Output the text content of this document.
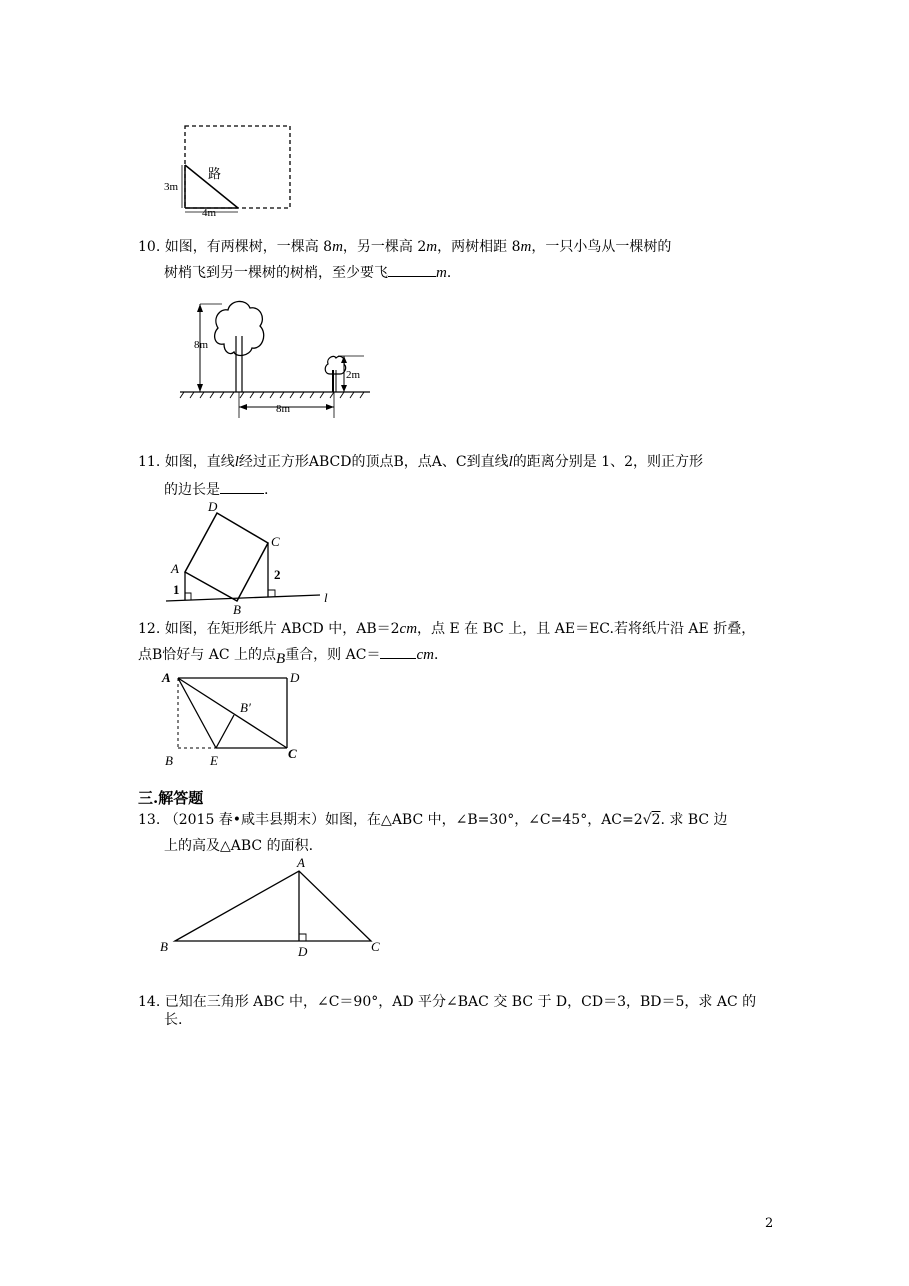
路
3m
4m
10. 如图，有两棵树，一棵高 8m，另一棵高 2m，两树相距 8m，一只小鸟从一棵树的
树梢飞到另一棵树的树梢，至少要飞	m．
8m
2m
8m
11. 如图，直线l经过正方形ABCD的顶点B，点A、C到直线l的距离分别是 1、2，则正方形
的边长是	.
D
A
C
B
1
2
l
12. 如图，在矩形纸片 ABCD 中，AB＝2cm，点 E 在 BC 上，且 AE＝EC.若将纸片沿 AE 折叠，
点B恰好与 AC 上的点B重合，则 AC＝ cm．
A	D
B′
B	E	C
三.解答题
13. （2015 春•咸丰县期末）如图，在△ABC 中，∠B=30°，∠C=45°，AC=2√2. 求 BC 边
上的高及△ABC 的面积.
A
B	D	C
14. 已知在三角形 ABC 中，∠C＝90°，AD 平分∠BAC 交 BC 于 D，CD＝3，BD＝5，求 AC 的
长.
2
